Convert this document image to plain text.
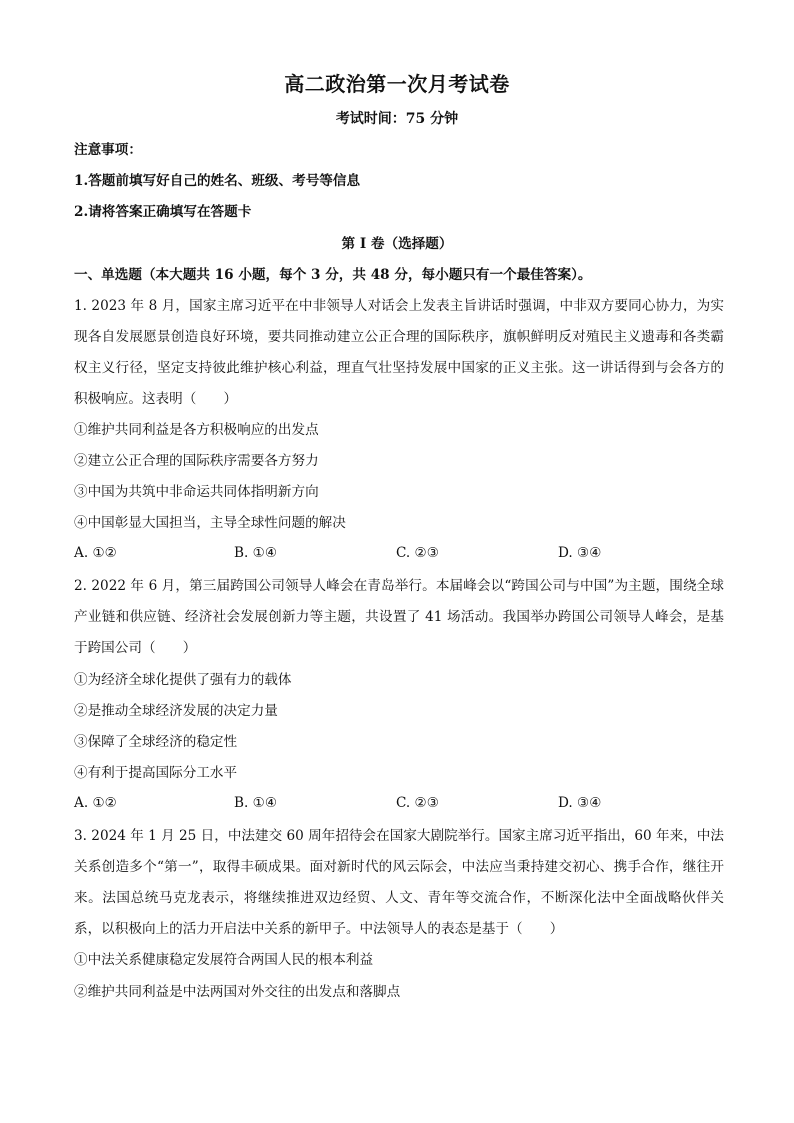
高二政治第一次月考试卷
考试时间：75 分钟
注意事项：
1.答题前填写好自己的姓名、班级、考号等信息
2.请将答案正确填写在答题卡
第 I 卷（选择题）
一、单选题（本大题共 16 小题，每个 3 分，共 48 分，每小题只有一个最佳答案）。
1. 2023 年 8 月，国家主席习近平在中非领导人对话会上发表主旨讲话时强调，中非双方要同心协力，为实现各自发展愿景创造良好环境，要共同推动建立公正合理的国际秩序，旗帜鲜明反对殖民主义遗毒和各类霸权主义行径，坚定支持彼此维护核心利益，理直气壮坚持发展中国家的正义主张。这一讲话得到与会各方的积极响应。这表明（　　）
①维护共同利益是各方积极响应的出发点
②建立公正合理的国际秩序需要各方努力
③中国为共筑中非命运共同体指明新方向
④中国彰显大国担当，主导全球性问题的解决
A. ①②	B. ①④	C. ②③	D. ③④
2. 2022 年 6 月，第三届跨国公司领导人峰会在青岛举行。本届峰会以“跨国公司与中国”为主题，围绕全球产业链和供应链、经济社会发展创新力等主题，共设置了 41 场活动。我国举办跨国公司领导人峰会，是基于跨国公司（　　）
①为经济全球化提供了强有力的载体
②是推动全球经济发展的决定力量
③保障了全球经济的稳定性
④有利于提高国际分工水平
A. ①②	B. ①④	C. ②③	D. ③④
3. 2024 年 1 月 25 日，中法建交 60 周年招待会在国家大剧院举行。国家主席习近平指出，60 年来，中法关系创造多个“第一”，取得丰硕成果。面对新时代的风云际会，中法应当秉持建交初心、携手合作，继往开来。法国总统马克龙表示，将继续推进双边经贸、人文、青年等交流合作，不断深化法中全面战略伙伴关系，以积极向上的活力开启法中关系的新甲子。中法领导人的表态是基于（　　）
①中法关系健康稳定发展符合两国人民的根本利益
②维护共同利益是中法两国对外交往的出发点和落脚点
